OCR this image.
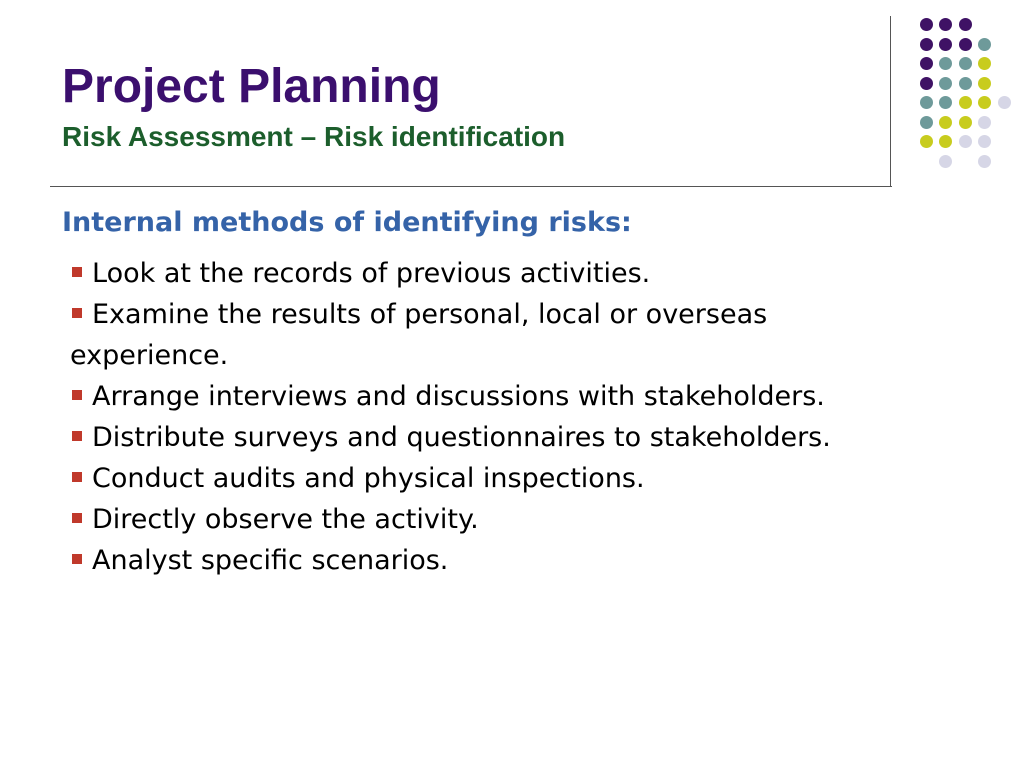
Project Planning
Risk Assessment – Risk identification
Internal methods of identifying risks:
Look at the records of previous activities.
Examine the results of personal, local or overseas experience.
Arrange interviews and discussions with stakeholders.
Distribute surveys and questionnaires to stakeholders.
Conduct audits and physical inspections.
Directly observe the activity.
Analyst specific scenarios.
